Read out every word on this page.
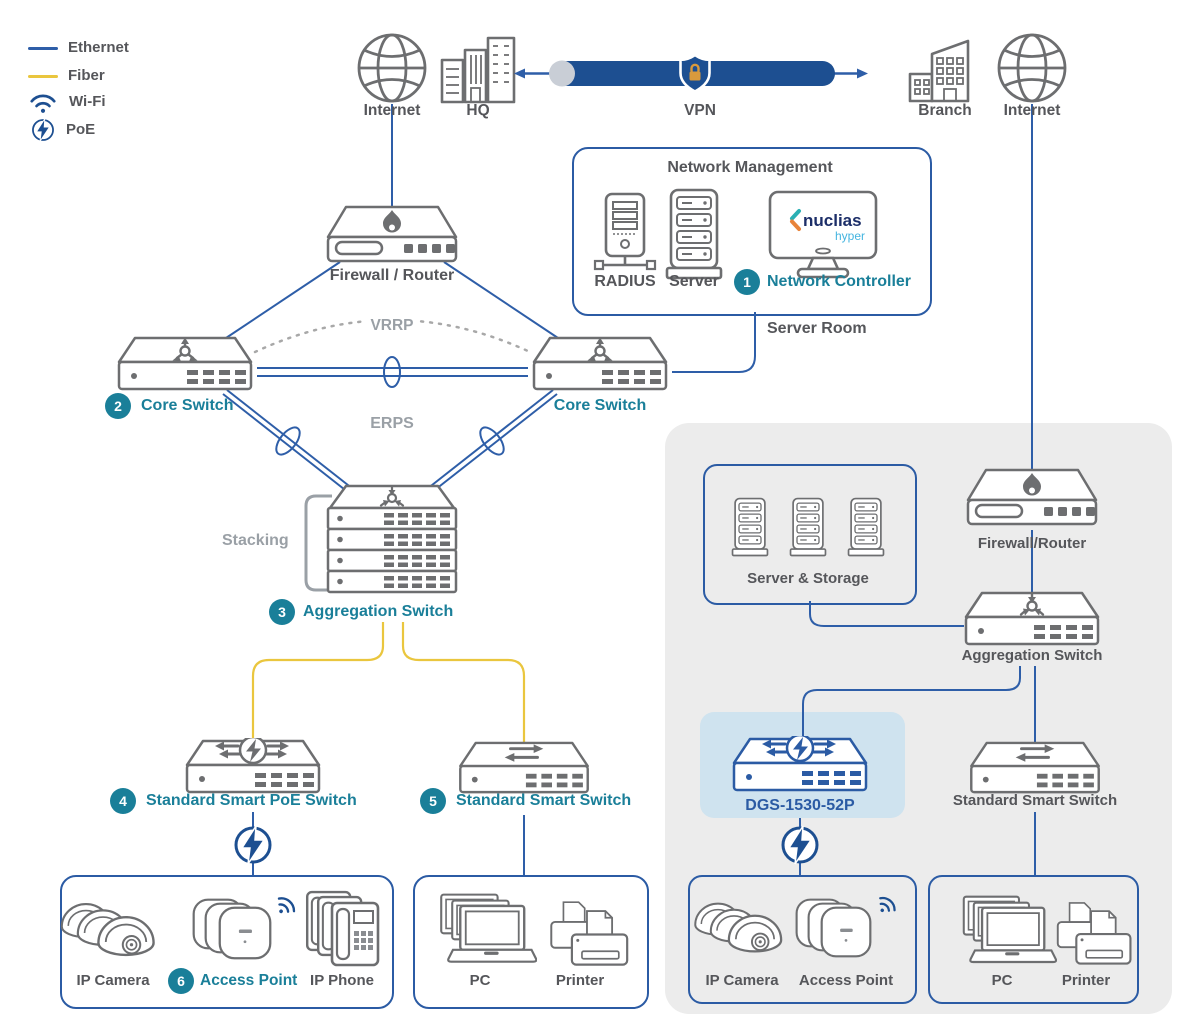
Ethernet
Fiber
Wi-Fi
PoE
Internet	HQ	VPN	Branch Internet
Network Management
RADIUS Server	1	Network Controller
Server Room
Firewall / Router
VRRP
2	Core Switch	Core Switch
ERPS
Stacking
3	Aggregation Switch
4	Standard Smart PoE Switch	5	Standard Smart Switch
IP Camera	6 Access Point IP Phone	PC	Printer
Server & Storage
Firewall/Router
Aggregation Switch
DGS-1530-52P	Standard Smart Switch
IP Camera Access Point	PC	Printer
